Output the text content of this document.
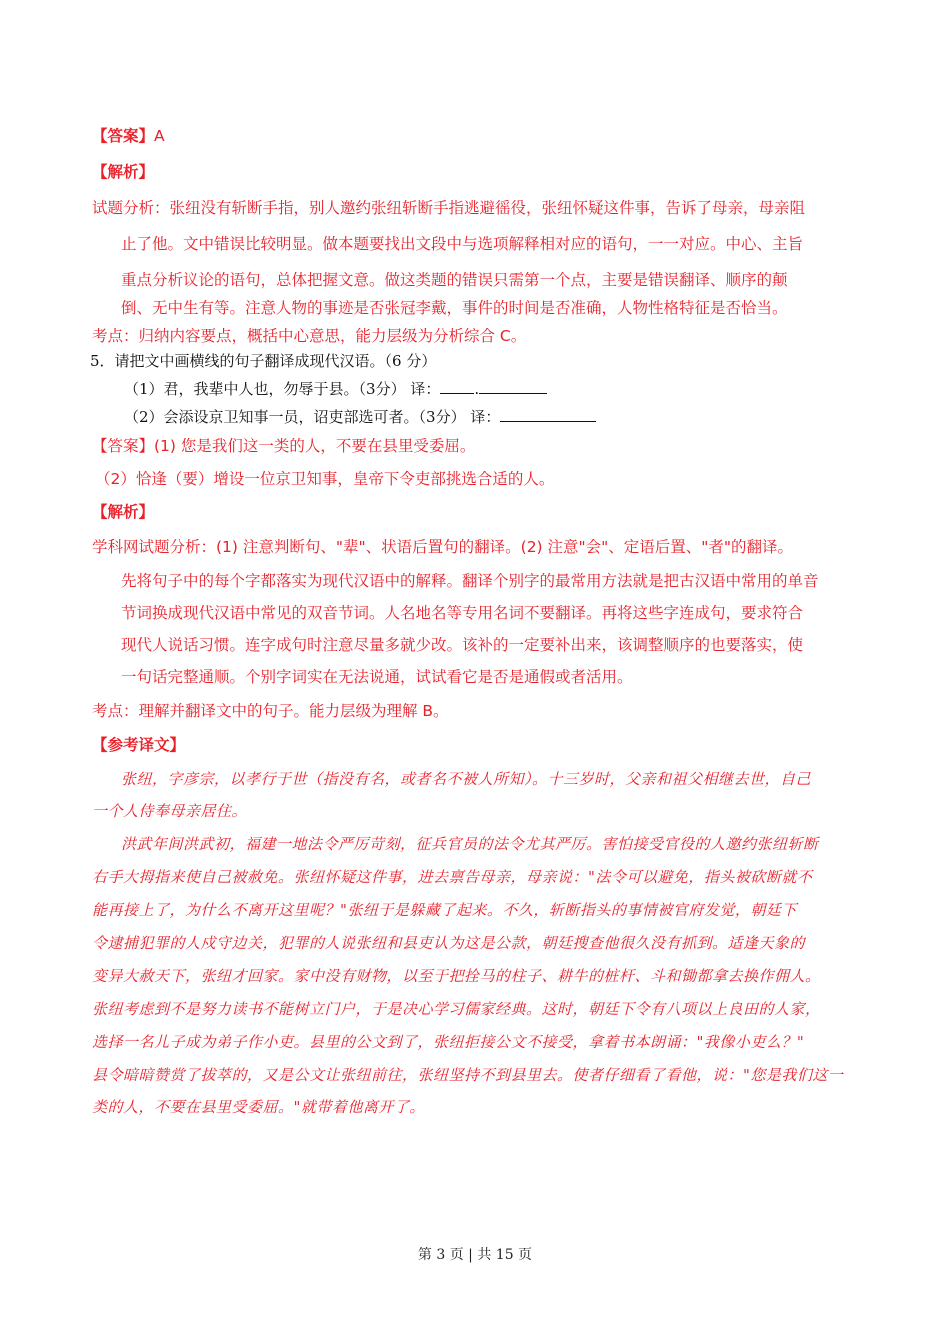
【答案】A
【解析】
试题分析：张纽没有斩断手指，别人邀约张纽斩断手指逃避徭役，张纽怀疑这件事，告诉了母亲，母亲阻
止了他。文中错误比较明显。做本题要找出文段中与选项解释相对应的语句，一一对应。中心、主旨
重点分析议论的语句，总体把握文意。做这类题的错误只需第一个点，主要是错误翻译、顺序的颠
倒、无中生有等。注意人物的事迹是否张冠李戴，事件的时间是否准确，人物性格特征是否恰当。
考点：归纳内容要点，概括中心意思，能力层级为分析综合 C。
5．请把文中画横线的句子翻译成现代汉语。（6 分）
（1）君，我辈中人也，勿辱于县。（3分） 译： .
（2）会添设京卫知事一员，诏吏部选可者。（3分） 译：
【答案】(1) 您是我们这一类的人，不要在县里受委屈。
（2）恰逢（要）增设一位京卫知事，皇帝下令吏部挑选合适的人。
【解析】
学科网试题分析：(1) 注意判断句、"辈"、状语后置句的翻译。(2) 注意"会"、定语后置、"者"的翻译。
先将句子中的每个字都落实为现代汉语中的解释。翻译个别字的最常用方法就是把古汉语中常用的单音
节词换成现代汉语中常见的双音节词。人名地名等专用名词不要翻译。再将这些字连成句，要求符合
现代人说话习惯。连字成句时注意尽量多就少改。该补的一定要补出来，该调整顺序的也要落实，使
一句话完整通顺。个别字词实在无法说通，试试看它是否是通假或者活用。
考点：理解并翻译文中的句子。能力层级为理解 B。
【参考译文】
张纽，字彦宗，以孝行于世（指没有名，或者名不被人所知）。十三岁时，父亲和祖父相继去世，自己
一个人侍奉母亲居住。
洪武年间洪武初，福建一地法令严厉苛刻，征兵官员的法令尤其严厉。害怕接受官役的人邀约张纽斩断
右手大拇指来使自己被赦免。张纽怀疑这件事，进去禀告母亲，母亲说："法令可以避免，指头被砍断就不
能再接上了，为什么不离开这里呢？"张纽于是躲藏了起来。不久，斩断指头的事情被官府发觉，朝廷下
令逮捕犯罪的人戍守边关，犯罪的人说张纽和县吏认为这是公款，朝廷搜查他很久没有抓到。适逢天象的
变异大赦天下，张纽才回家。家中没有财物，以至于把拴马的柱子、耕牛的桩杆、斗和锄都拿去换作佣人。
张纽考虑到不是努力读书不能树立门户，于是决心学习儒家经典。这时，朝廷下令有八项以上良田的人家，
选择一名儿子成为弟子作小吏。县里的公文到了，张纽拒接公文不接受，拿着书本朗诵："我像小吏么？"
县令暗暗赞赏了拔萃的，又是公文让张纽前往，张纽坚持不到县里去。使者仔细看了看他，说："您是我们这一
类的人，不要在县里受委屈。"就带着他离开了。
第 3 页 | 共 15 页
